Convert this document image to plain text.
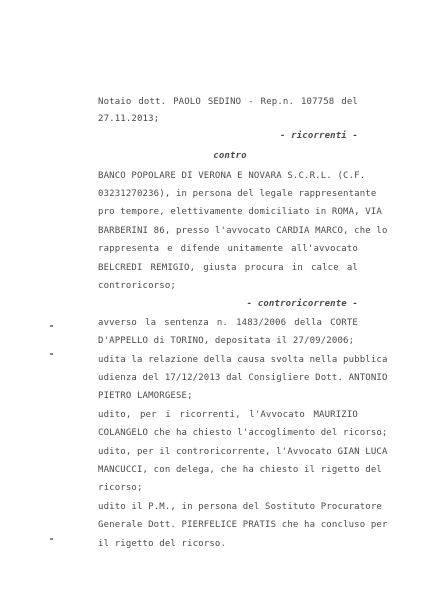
Notaio dott. PAOLO SEDINO - Rep.n. 107758 del
27.11.2013;
- ricorrenti -
contro
BANCO POPOLARE DI VERONA E NOVARA S.C.R.L. (C.F.
03231270236), in persona del legale rappresentante
pro tempore, elettivamente domiciliato in ROMA, VIA
BARBERINI 86, presso l'avvocato CARDIA MARCO, che lo
rappresenta e difende unitamente all'avvocato
BELCREDI REMIGIO, giusta procura in calce al
controricorso;
- controricorrente -
avverso la sentenza n. 1483/2006 della CORTE
D'APPELLO di TORINO, depositata il 27/09/2006;
udita la relazione della causa svolta nella pubblica
udienza del 17/12/2013 dal Consigliere Dott. ANTONIO
PIETRO LAMORGESE;
udito, per i ricorrenti, l'Avvocato MAURIZIO
COLANGELO che ha chiesto l'accoglimento del ricorso;
udito, per il controricorrente, l'Avvocato GIAN LUCA
MANCUCCI, con delega, che ha chiesto il rigetto del
ricorso;
udito il P.M., in persona del Sostituto Procuratore
Generale Dott. PIERFELICE PRATIS che ha concluso per
il rigetto del ricorso.
